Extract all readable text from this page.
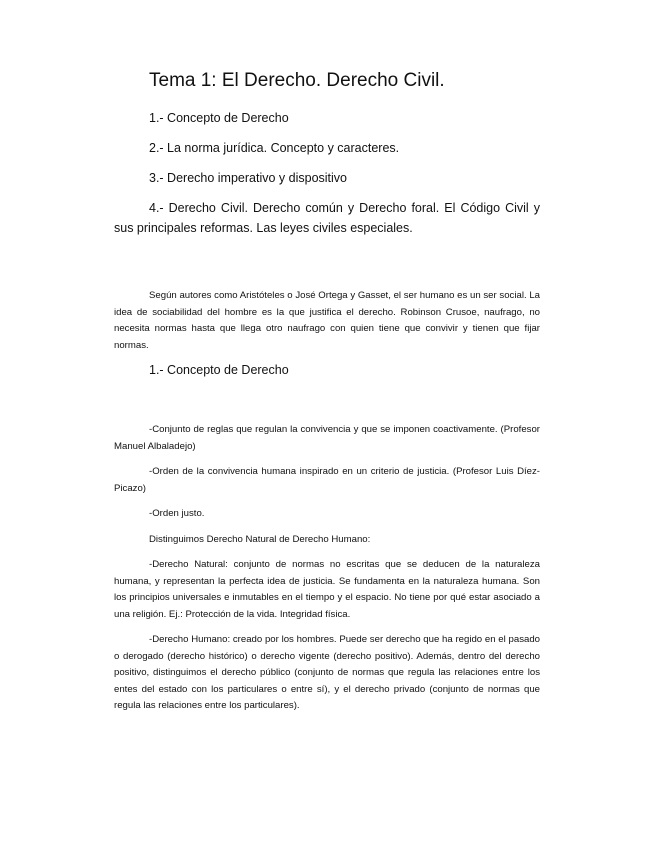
Tema 1: El Derecho. Derecho Civil.

1.- Concepto de Derecho

2.- La norma jurídica. Concepto y caracteres.

3.- Derecho imperativo y dispositivo

4.- Derecho Civil. Derecho común y Derecho foral. El Código Civil y sus principales reformas. Las leyes civiles especiales.

Según autores como Aristóteles o José Ortega y Gasset, el ser humano es un ser social. La idea de sociabilidad del hombre es la que justifica el derecho. Robinson Crusoe, naufrago, no necesita normas hasta que llega otro naufrago con quien tiene que convivir y tienen que fijar normas.

1.- Concepto de Derecho

-Conjunto de reglas que regulan la convivencia y que se imponen coactivamente. (Profesor Manuel Albaladejo)

-Orden de la convivencia humana inspirado en un criterio de justicia. (Profesor Luis Díez-Picazo)

-Orden justo.

Distinguimos Derecho Natural de Derecho Humano:

-Derecho Natural: conjunto de normas no escritas que se deducen de la naturaleza humana, y representan la perfecta idea de justicia. Se fundamenta en la naturaleza humana. Son los principios universales e inmutables en el tiempo y el espacio. No tiene por qué estar asociado a una religión. Ej.: Protección de la vida. Integridad física.

-Derecho Humano: creado por los hombres. Puede ser derecho que ha regido en el pasado o derogado (derecho histórico) o derecho vigente (derecho positivo). Además, dentro del derecho positivo, distinguimos el derecho público (conjunto de normas que regula las relaciones entre los entes del estado con los particulares o entre sí), y el derecho privado (conjunto de normas que regula las relaciones entre los particulares).
